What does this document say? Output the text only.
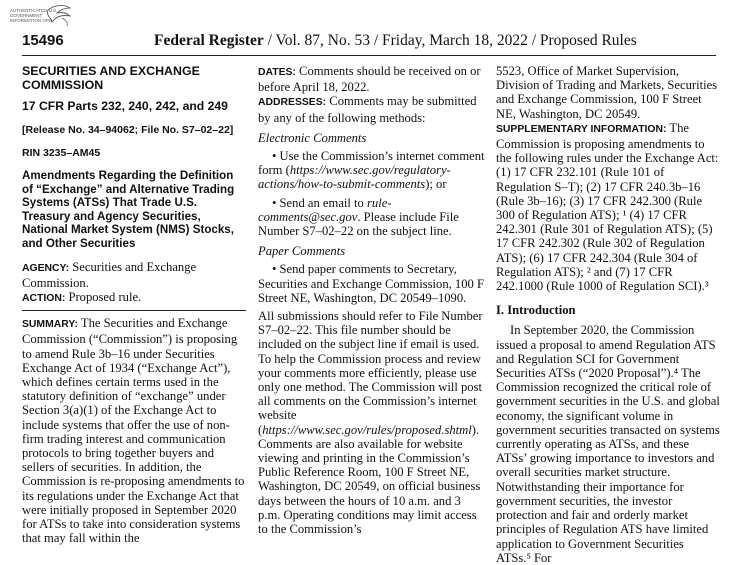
AUTHENTICATED U.S. GOVERNMENT INFORMATION GPO
15496	Federal Register / Vol. 87, No. 53 / Friday, March 18, 2022 / Proposed Rules

SECURITIES AND EXCHANGE COMMISSION

17 CFR Parts 232, 240, 242, and 249

[Release No. 34–94062; File No. S7–02–22]

RIN 3235–AM45

Amendments Regarding the Definition of “Exchange” and Alternative Trading Systems (ATSs) That Trade U.S. Treasury and Agency Securities, National Market System (NMS) Stocks, and Other Securities

AGENCY: Securities and Exchange Commission.

ACTION: Proposed rule.

SUMMARY: The Securities and Exchange Commission (“Commission”) is proposing to amend Rule 3b–16 under Securities Exchange Act of 1934 (“Exchange Act”), which defines certain terms used in the statutory definition of “exchange” under Section 3(a)(1) of the Exchange Act to include systems that offer the use of non-firm trading interest and communication protocols to bring together buyers and sellers of securities. In addition, the Commission is re-proposing amendments to its regulations under the Exchange Act that were initially proposed in September 2020 for ATSs to take into consideration systems that may fall within the

DATES: Comments should be received on or before April 18, 2022.

ADDRESSES: Comments may be submitted by any of the following methods:

Electronic Comments

• Use the Commission’s internet comment form (https://www.sec.gov/regulatory-actions/how-to-submit-comments); or

• Send an email to rule-comments@sec.gov. Please include File Number S7–02–22 on the subject line.

Paper Comments

• Send paper comments to Secretary, Securities and Exchange Commission, 100 F Street NE, Washington, DC 20549–1090.

All submissions should refer to File Number S7–02–22. This file number should be included on the subject line if email is used. To help the Commission process and review your comments more efficiently, please use only one method. The Commission will post all comments on the Commission’s internet website (https://www.sec.gov/rules/proposed.shtml). Comments are also available for website viewing and printing in the Commission’s Public Reference Room, 100 F Street NE, Washington, DC 20549, on official business days between the hours of 10 a.m. and 3 p.m. Operating conditions may limit access to the Commission’s

5523, Office of Market Supervision, Division of Trading and Markets, Securities and Exchange Commission, 100 F Street NE, Washington, DC 20549.

SUPPLEMENTARY INFORMATION: The Commission is proposing amendments to the following rules under the Exchange Act: (1) 17 CFR 232.101 (Rule 101 of Regulation S–T); (2) 17 CFR 240.3b–16 (Rule 3b–16); (3) 17 CFR 242.300 (Rule 300 of Regulation ATS); ¹ (4) 17 CFR 242.301 (Rule 301 of Regulation ATS); (5) 17 CFR 242.302 (Rule 302 of Regulation ATS); (6) 17 CFR 242.304 (Rule 304 of Regulation ATS); ² and (7) 17 CFR 242.1000 (Rule 1000 of Regulation SCI).³

I. Introduction

In September 2020, the Commission issued a proposal to amend Regulation ATS and Regulation SCI for Government Securities ATSs (“2020 Proposal”).⁴ The Commission recognized the critical role of government securities in the U.S. and global economy, the significant volume in government securities transacted on systems currently operating as ATSs, and these ATSs’ growing importance to investors and overall securities market structure. Notwithstanding their importance for government securities, the investor protection and fair and orderly market principles of Regulation ATS have limited application to Government Securities ATSs.⁵ For
